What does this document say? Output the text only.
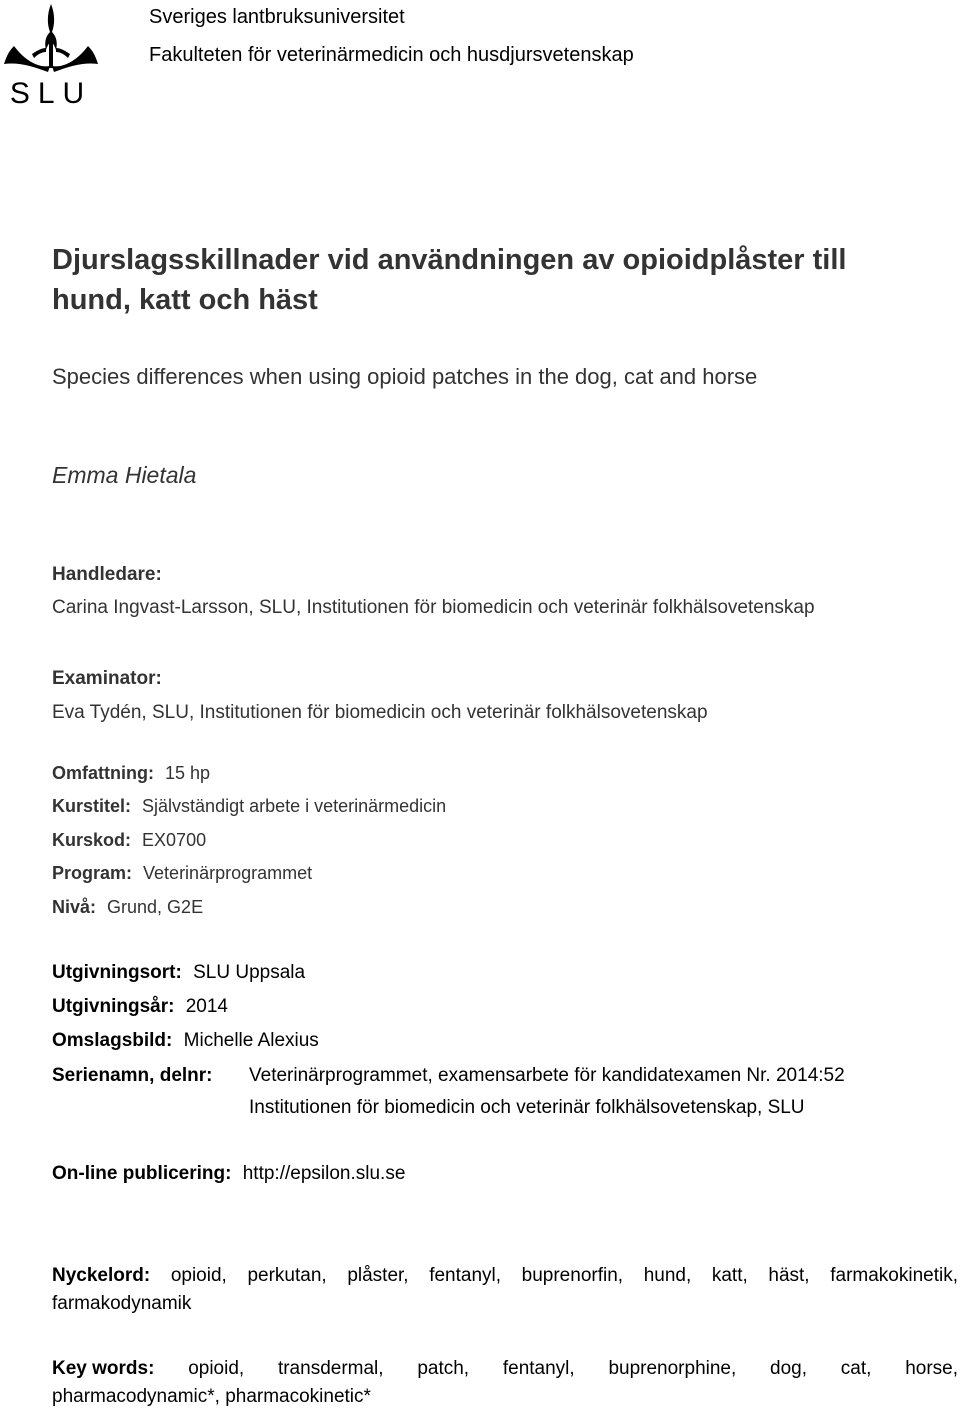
SLU
Sveriges lantbruksuniversitet
Fakulteten för veterinärmedicin och husdjursvetenskap
Djurslagsskillnader vid användningen av opioidplåster till
hund, katt och häst
Species differences when using opioid patches in the dog, cat and horse
Emma Hietala
Handledare:
Carina Ingvast-Larsson, SLU, Institutionen för biomedicin och veterinär folkhälsovetenskap
Examinator:
Eva Tydén, SLU, Institutionen för biomedicin och veterinär folkhälsovetenskap
Omfattning: 15 hp
Kurstitel: Självständigt arbete i veterinärmedicin
Kurskod: EX0700
Program: Veterinärprogrammet
Nivå: Grund, G2E
Utgivningsort: SLU Uppsala
Utgivningsår: 2014
Omslagsbild: Michelle Alexius
Serienamn, delnr: Veterinärprogrammet, examensarbete för kandidatexamen Nr. 2014:52
Institutionen för biomedicin och veterinär folkhälsovetenskap, SLU
On-line publicering: http://epsilon.slu.se
Nyckelord: opioid, perkutan, plåster, fentanyl, buprenorfin, hund, katt, häst, farmakokinetik,
farmakodynamik
Key words: opioid, transdermal, patch, fentanyl, buprenorphine, dog, cat, horse,
pharmacodynamic*, pharmacokinetic*
